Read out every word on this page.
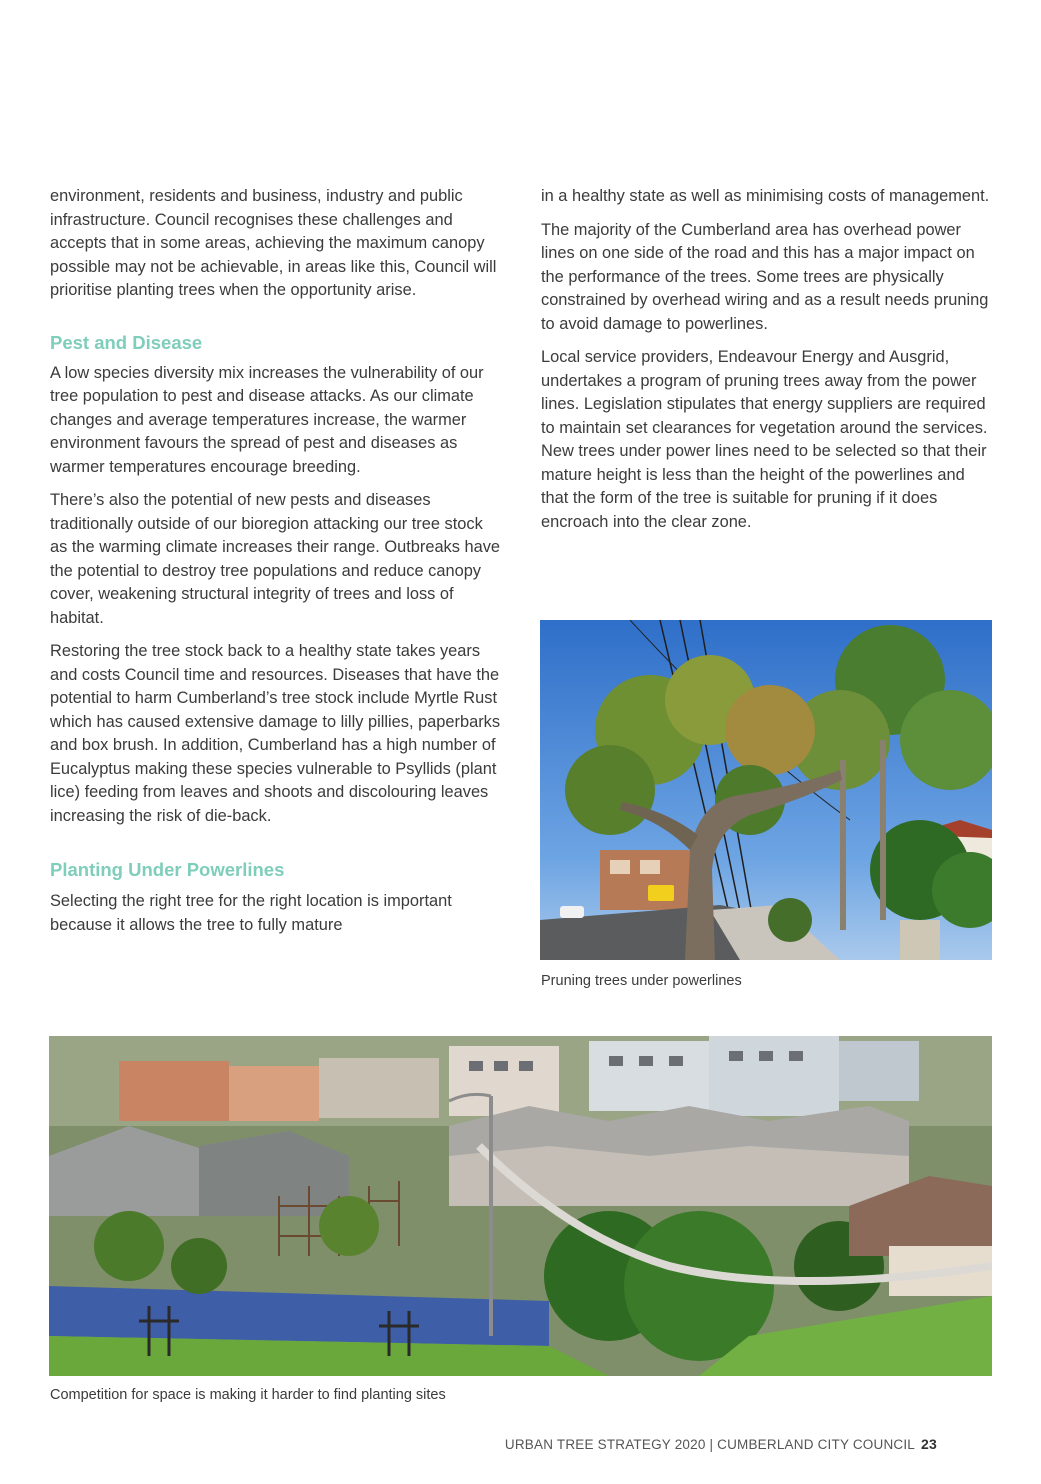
environment, residents and business, industry and public infrastructure. Council recognises these challenges and accepts that in some areas, achieving the maximum canopy possible may not be achievable, in areas like this, Council will prioritise planting trees when the opportunity arise.

Pest and Disease

A low species diversity mix increases the vulnerability of our tree population to pest and disease attacks. As our climate changes and average temperatures increase, the warmer environment favours the spread of pest and diseases as warmer temperatures encourage breeding.

There’s also the potential of new pests and diseases traditionally outside of our bioregion attacking our tree stock as the warming climate increases their range. Outbreaks have the potential to destroy tree populations and reduce canopy cover, weakening structural integrity of trees and loss of habitat.

Restoring the tree stock back to a healthy state takes years and costs Council time and resources. Diseases that have the potential to harm Cumberland’s tree stock include Myrtle Rust which has caused extensive damage to lilly pillies, paperbarks and box brush. In addition, Cumberland has a high number of Eucalyptus making these species vulnerable to Psyllids (plant lice) feeding from leaves and shoots and discolouring leaves increasing the risk of die-back.

Planting Under Powerlines

Selecting the right tree for the right location is important because it allows the tree to fully mature

in a healthy state as well as minimising costs of management.

The majority of the Cumberland area has overhead power lines on one side of the road and this has a major impact on the performance of the trees. Some trees are physically constrained by overhead wiring and as a result needs pruning to avoid damage to powerlines.

Local service providers, Endeavour Energy and Ausgrid, undertakes a program of pruning trees away from the power lines. Legislation stipulates that energy suppliers are required to maintain set clearances for vegetation around the services. New trees under power lines need to be selected so that their mature height is less than the height of the powerlines and that the form of the tree is suitable for pruning if it does encroach into the clear zone.

Pruning trees under powerlines
Competition for space is making it harder to find planting sites
URBAN TREE STRATEGY 2020 | CUMBERLAND CITY COUNCIL 23
